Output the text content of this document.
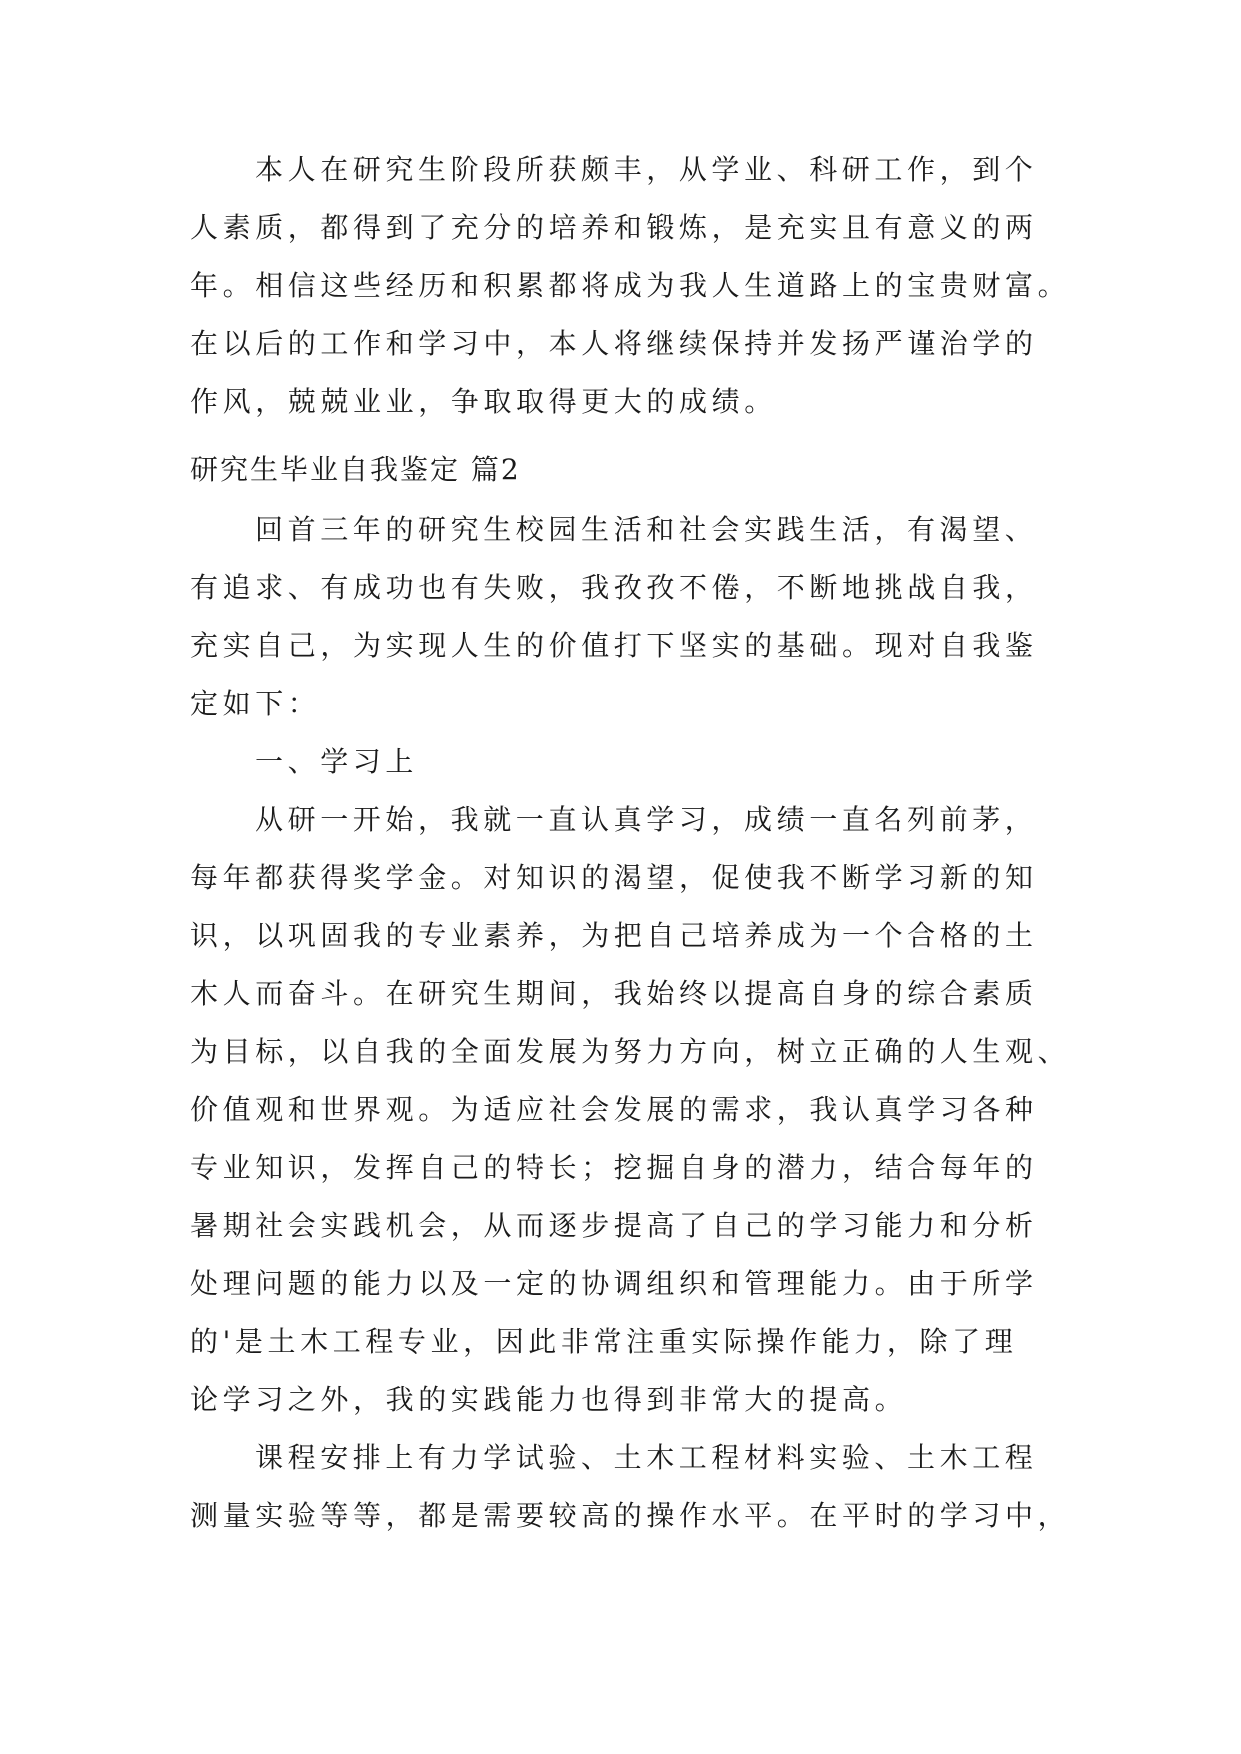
本人在研究生阶段所获颇丰，从学业、科研工作，到个
人素质，都得到了充分的培养和锻炼，是充实且有意义的两
年。相信这些经历和积累都将成为我人生道路上的宝贵财富。
在以后的工作和学习中，本人将继续保持并发扬严谨治学的
作风，兢兢业业，争取取得更大的成绩。
研究生毕业自我鉴定 篇2
回首三年的研究生校园生活和社会实践生活，有渴望、
有追求、有成功也有失败，我孜孜不倦，不断地挑战自我，
充实自己，为实现人生的价值打下坚实的基础。现对自我鉴
定如下：
一、学习上
从研一开始，我就一直认真学习，成绩一直名列前茅，
每年都获得奖学金。对知识的渴望，促使我不断学习新的知
识，以巩固我的专业素养，为把自己培养成为一个合格的土
木人而奋斗。在研究生期间，我始终以提高自身的综合素质
为目标，以自我的全面发展为努力方向，树立正确的人生观、
价值观和世界观。为适应社会发展的需求，我认真学习各种
专业知识，发挥自己的特长；挖掘自身的潜力，结合每年的
暑期社会实践机会，从而逐步提高了自己的学习能力和分析
处理问题的能力以及一定的协调组织和管理能力。由于所学
的'是土木工程专业，因此非常注重实际操作能力，除了理
论学习之外，我的实践能力也得到非常大的提高。
课程安排上有力学试验、土木工程材料实验、土木工程
测量实验等等，都是需要较高的操作水平。在平时的学习中，
